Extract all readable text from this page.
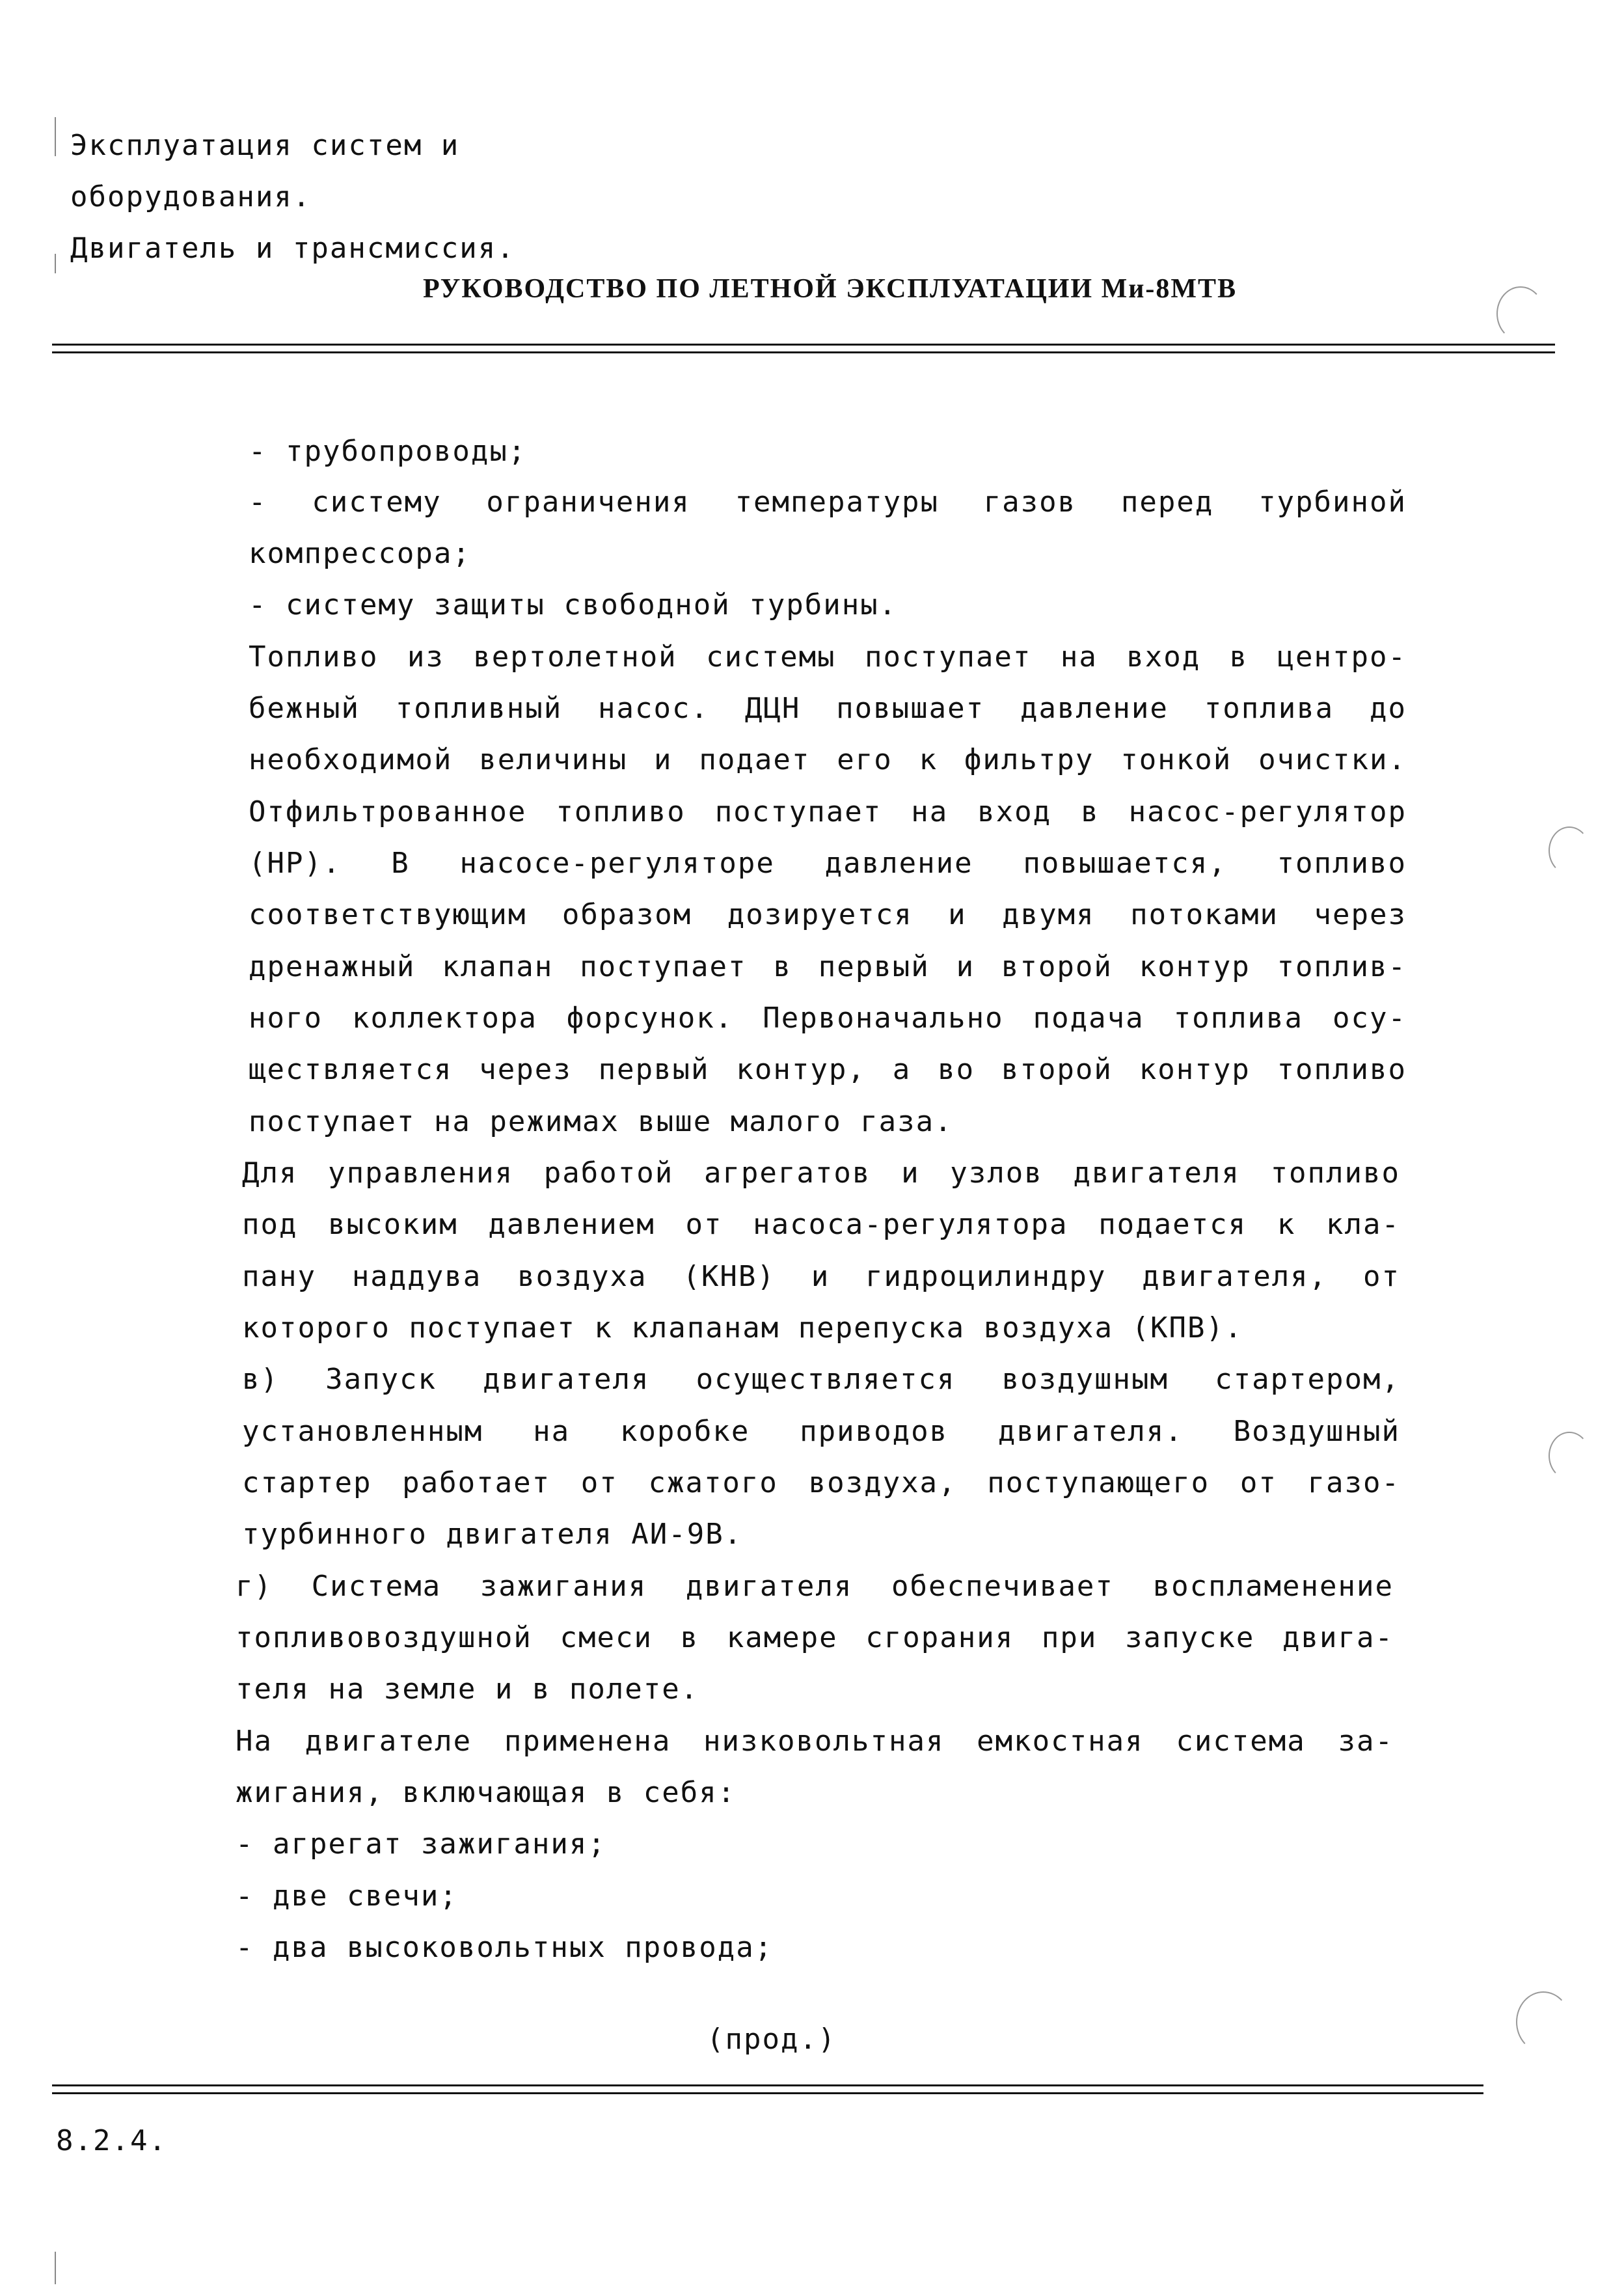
Эксплуатация систем и
оборудования.
Двигатель и трансмиссия.
РУКОВОДСТВО ПО ЛЕТНОЙ ЭКСПЛУАТАЦИИ Ми-8МТВ
- трубопроводы;
- систему ограничения температуры газов перед турбиной
компрессора;
- систему защиты свободной турбины.
Топливо из вертолетной системы поступает на вход в центро-
бежный топливный насос. ДЦН повышает давление топлива до
необходимой величины и подает его к фильтру тонкой очистки.
Отфильтрованное топливо поступает на вход в насос-регулятор
(НР). В насосе-регуляторе давление повышается, топливо
соответствующим образом дозируется и двумя потоками через
дренажный клапан поступает в первый и второй контур топлив-
ного коллектора форсунок. Первоначально подача топлива осу-
ществляется через первый контур, а во второй контур топливо
поступает на режимах выше малого газа.
Для управления работой агрегатов и узлов двигателя топливо
под высоким давлением от насоса-регулятора подается к кла-
пану наддува воздуха (КНВ) и гидроцилиндру двигателя, от
которого поступает к клапанам перепуска воздуха (КПВ).
в) Запуск двигателя осуществляется воздушным стартером,
установленным на коробке приводов двигателя. Воздушный
стартер работает от сжатого воздуха, поступающего от газо-
турбинного двигателя АИ-9В.
г) Система зажигания двигателя обеспечивает воспламенение
топливовоздушной смеси в камере сгорания при запуске двига-
теля на земле и в полете.
На двигателе применена низковольтная емкостная система за-
жигания, включающая в себя:
- агрегат зажигания;
- две свечи;
- два высоковольтных провода;
(прод.)
8.2.4.
